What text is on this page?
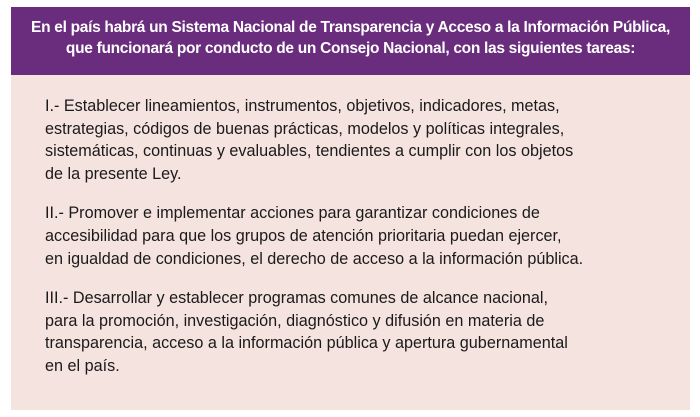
En el país habrá un Sistema Nacional de Transparencia y Acceso a la Información Pública,
que funcionará por conducto de un Consejo Nacional, con las siguientes tareas:

I.- Establecer lineamientos, instrumentos, objetivos, indicadores, metas,
estrategias, códigos de buenas prácticas, modelos y políticas integrales,
sistemáticas, continuas y evaluables, tendientes a cumplir con los objetos
de la presente Ley.

II.- Promover e implementar acciones para garantizar condiciones de
accesibilidad para que los grupos de atención prioritaria puedan ejercer,
en igualdad de condiciones, el derecho de acceso a la información pública.

III.- Desarrollar y establecer programas comunes de alcance nacional,
para la promoción, investigación, diagnóstico y difusión en materia de
transparencia, acceso a la información pública y apertura gubernamental
en el país.
